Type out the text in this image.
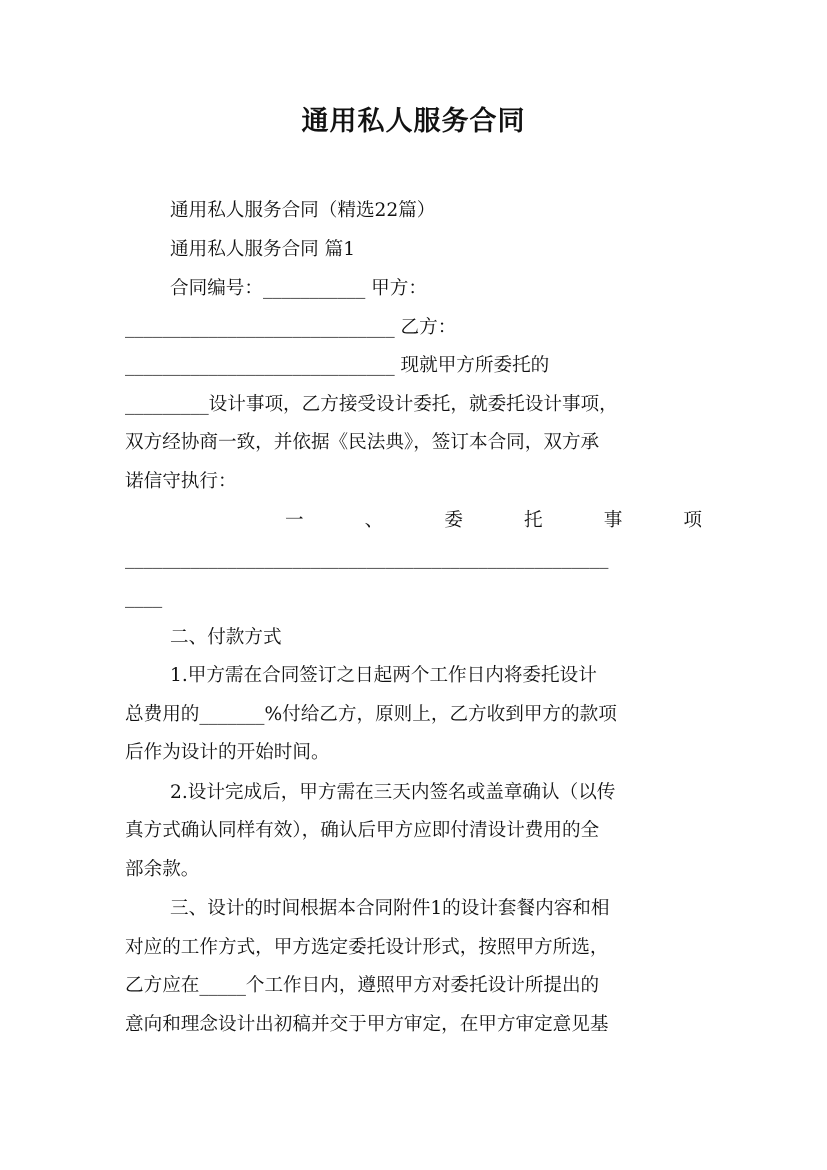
通用私人服务合同
通用私人服务合同（精选22篇）
通用私人服务合同 篇1
合同编号：___________ 甲方：
_____________________________ 乙方：
_____________________________ 现就甲方所委托的
_________设计事项，乙方接受设计委托，就委托设计事项，
双方经协商一致，并依据《民法典》，签订本合同，双方承
诺信守执行：
一、委托事项
____________________________________________________
____
二、付款方式
1.甲方需在合同签订之日起两个工作日内将委托设计
总费用的_______%付给乙方，原则上，乙方收到甲方的款项
后作为设计的开始时间。
2.设计完成后，甲方需在三天内签名或盖章确认（以传
真方式确认同样有效），确认后甲方应即付清设计费用的全
部余款。
三、设计的时间根据本合同附件1的设计套餐内容和相
对应的工作方式，甲方选定委托设计形式，按照甲方所选，
乙方应在_____个工作日内，遵照甲方对委托设计所提出的
意向和理念设计出初稿并交于甲方审定，在甲方审定意见基
